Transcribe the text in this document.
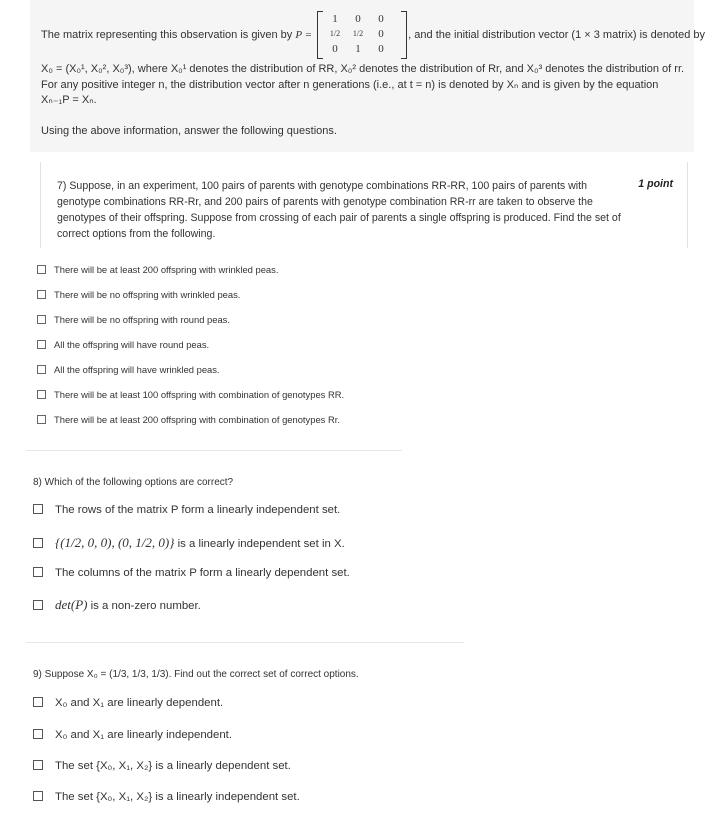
The matrix representing this observation is given by P =	, and the initial distribution vector (1 × 3 matrix) is denoted by
1	0	0
1/2	1/2	0
0	1	0
X₀ = (X₀¹, X₀², X₀³), where X₀¹ denotes the distribution of RR, X₀² denotes the distribution of Rr, and X₀³ denotes the distribution of rr. For any positive integer n, the distribution vector after n generations (i.e., at t = n) is denoted by Xₙ and is given by the equation Xₙ₋₁P = Xₙ.
Using the above information, answer the following questions.
7) Suppose, in an experiment, 100 pairs of parents with genotype combinations RR-RR, 100 pairs of parents with genotype combinations RR-Rr, and 200 pairs of parents with genotype combination RR-rr are taken to observe the genotypes of their offspring. Suppose from crossing of each pair of parents a single offspring is produced. Find the set of correct options from the following.
1 point
There will be at least 200 offspring with wrinkled peas.
There will be no offspring with wrinkled peas.
There will be no offspring with round peas.
All the offspring will have round peas.
All the offspring will have wrinkled peas.
There will be at least 100 offspring with combination of genotypes RR.
There will be at least 200 offspring with combination of genotypes Rr.
8) Which of the following options are correct?
The rows of the matrix P form a linearly independent set.
{(1/2, 0, 0), (0, 1/2, 0)} is a linearly independent set in X.
The columns of the matrix P form a linearly dependent set.
det(P) is a non-zero number.
9) Suppose X₀ = (1/3, 1/3, 1/3). Find out the correct set of correct options.
X₀ and X₁ are linearly dependent.
X₀ and X₁ are linearly independent.
The set {X₀, X₁, X₂} is a linearly dependent set.
The set {X₀, X₁, X₂} is a linearly independent set.
